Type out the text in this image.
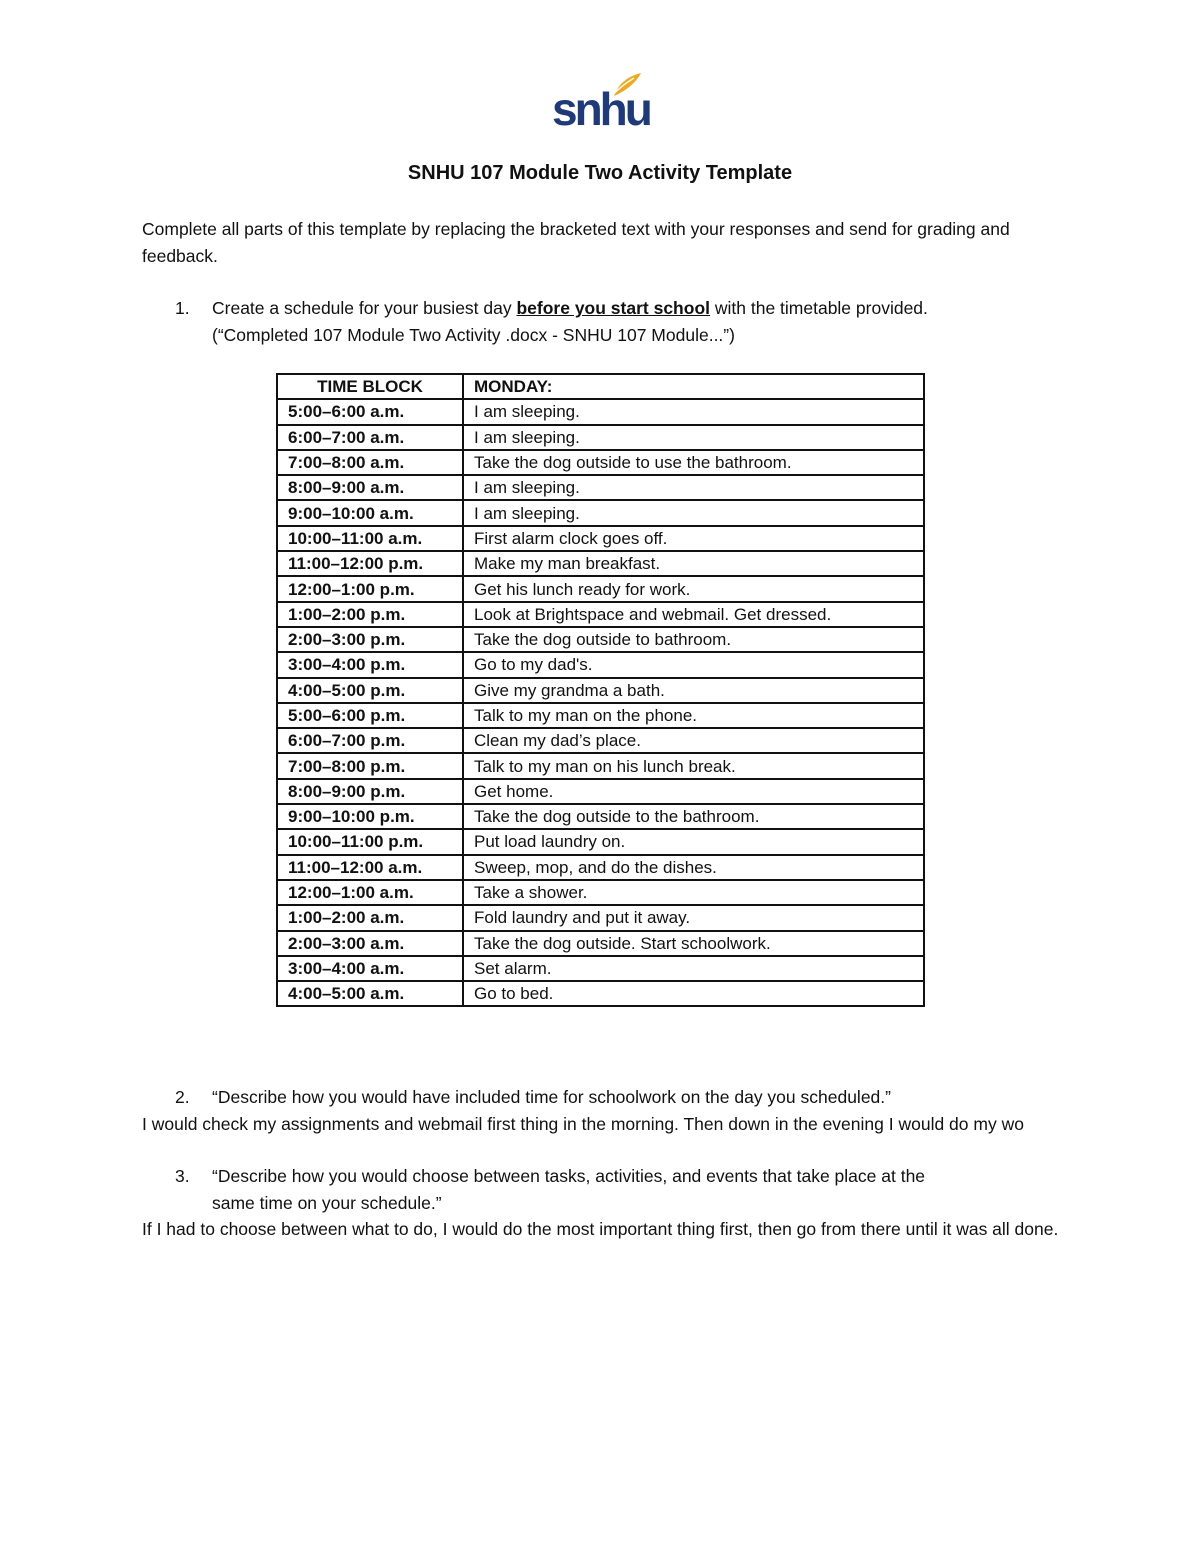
snhu
SNHU 107 Module Two Activity Template

Complete all parts of this template by replacing the bracketed text with your responses and send for grading and feedback.

1. Create a schedule for your busiest day before you start school with the timetable provided.
(“Completed 107 Module Two Activity .docx - SNHU 107 Module...”)
TIME BLOCK	MONDAY:
5:00–6:00 a.m.	I am sleeping.
6:00–7:00 a.m.	I am sleeping.
7:00–8:00 a.m.	Take the dog outside to use the bathroom.
8:00–9:00 a.m.	I am sleeping.
9:00–10:00 a.m.	I am sleeping.
10:00–11:00 a.m.	First alarm clock goes off.
11:00–12:00 p.m.	Make my man breakfast.
12:00–1:00 p.m.	Get his lunch ready for work.
1:00–2:00 p.m.	Look at Brightspace and webmail. Get dressed.
2:00–3:00 p.m.	Take the dog outside to bathroom.
3:00–4:00 p.m.	Go to my dad's.
4:00–5:00 p.m.	Give my grandma a bath.
5:00–6:00 p.m.	Talk to my man on the phone.
6:00–7:00 p.m.	Clean my dad’s place.
7:00–8:00 p.m.	Talk to my man on his lunch break.
8:00–9:00 p.m.	Get home.
9:00–10:00 p.m.	Take the dog outside to the bathroom.
10:00–11:00 p.m.	Put load laundry on.
11:00–12:00 a.m.	Sweep, mop, and do the dishes.
12:00–1:00 a.m.	Take a shower.
1:00–2:00 a.m.	Fold laundry and put it away.
2:00–3:00 a.m.	Take the dog outside. Start schoolwork.
3:00–4:00 a.m.	Set alarm.
4:00–5:00 a.m.	Go to bed.
2. “Describe how you would have included time for schoolwork on the day you scheduled.”

I would check my assignments and webmail first thing in the morning. Then down in the evening I would do my wo

3. “Describe how you would choose between tasks, activities, and events that take place at the
same time on your schedule.”

If I had to choose between what to do, I would do the most important thing first, then go from there until it was all done.
